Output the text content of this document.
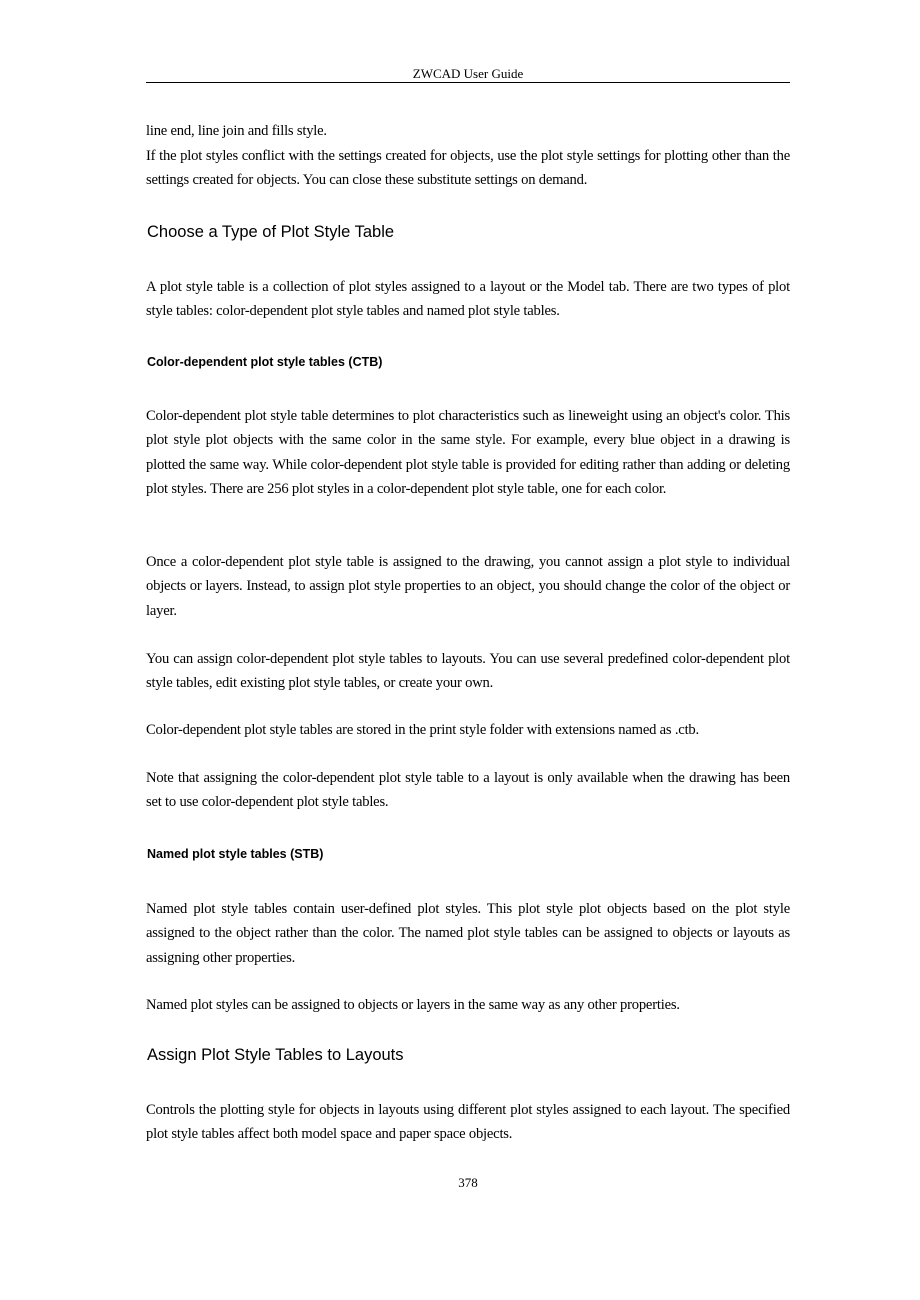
ZWCAD User Guide

line end, line join and fills style.

If the plot styles conflict with the settings created for objects, use the plot style settings for plotting other than the settings created for objects. You can close these substitute settings on demand.

Choose a Type of Plot Style Table

A plot style table is a collection of plot styles assigned to a layout or the Model tab. There are two types of plot style tables: color-dependent plot style tables and named plot style tables.

Color-dependent plot style tables (CTB)

Color-dependent plot style table determines to plot characteristics such as lineweight using an object's color. This plot style plot objects with the same color in the same style. For example, every blue object in a drawing is plotted the same way. While color-dependent plot style table is provided for editing rather than adding or deleting plot styles. There are 256 plot styles in a color-dependent plot style table, one for each color.

Once a color-dependent plot style table is assigned to the drawing, you cannot assign a plot style to individual objects or layers. Instead, to assign plot style properties to an object, you should change the color of the object or layer.

You can assign color-dependent plot style tables to layouts. You can use several predefined color-dependent plot style tables, edit existing plot style tables, or create your own.

Color-dependent plot style tables are stored in the print style folder with extensions named as .ctb.

Note that assigning the color-dependent plot style table to a layout is only available when the drawing has been set to use color-dependent plot style tables.

Named plot style tables (STB)

Named plot style tables contain user-defined plot styles. This plot style plot objects based on the plot style assigned to the object rather than the color. The named plot style tables can be assigned to objects or layouts as assigning other properties.

Named plot styles can be assigned to objects or layers in the same way as any other properties.

Assign Plot Style Tables to Layouts

Controls the plotting style for objects in layouts using different plot styles assigned to each layout. The specified plot style tables affect both model space and paper space objects.

378
